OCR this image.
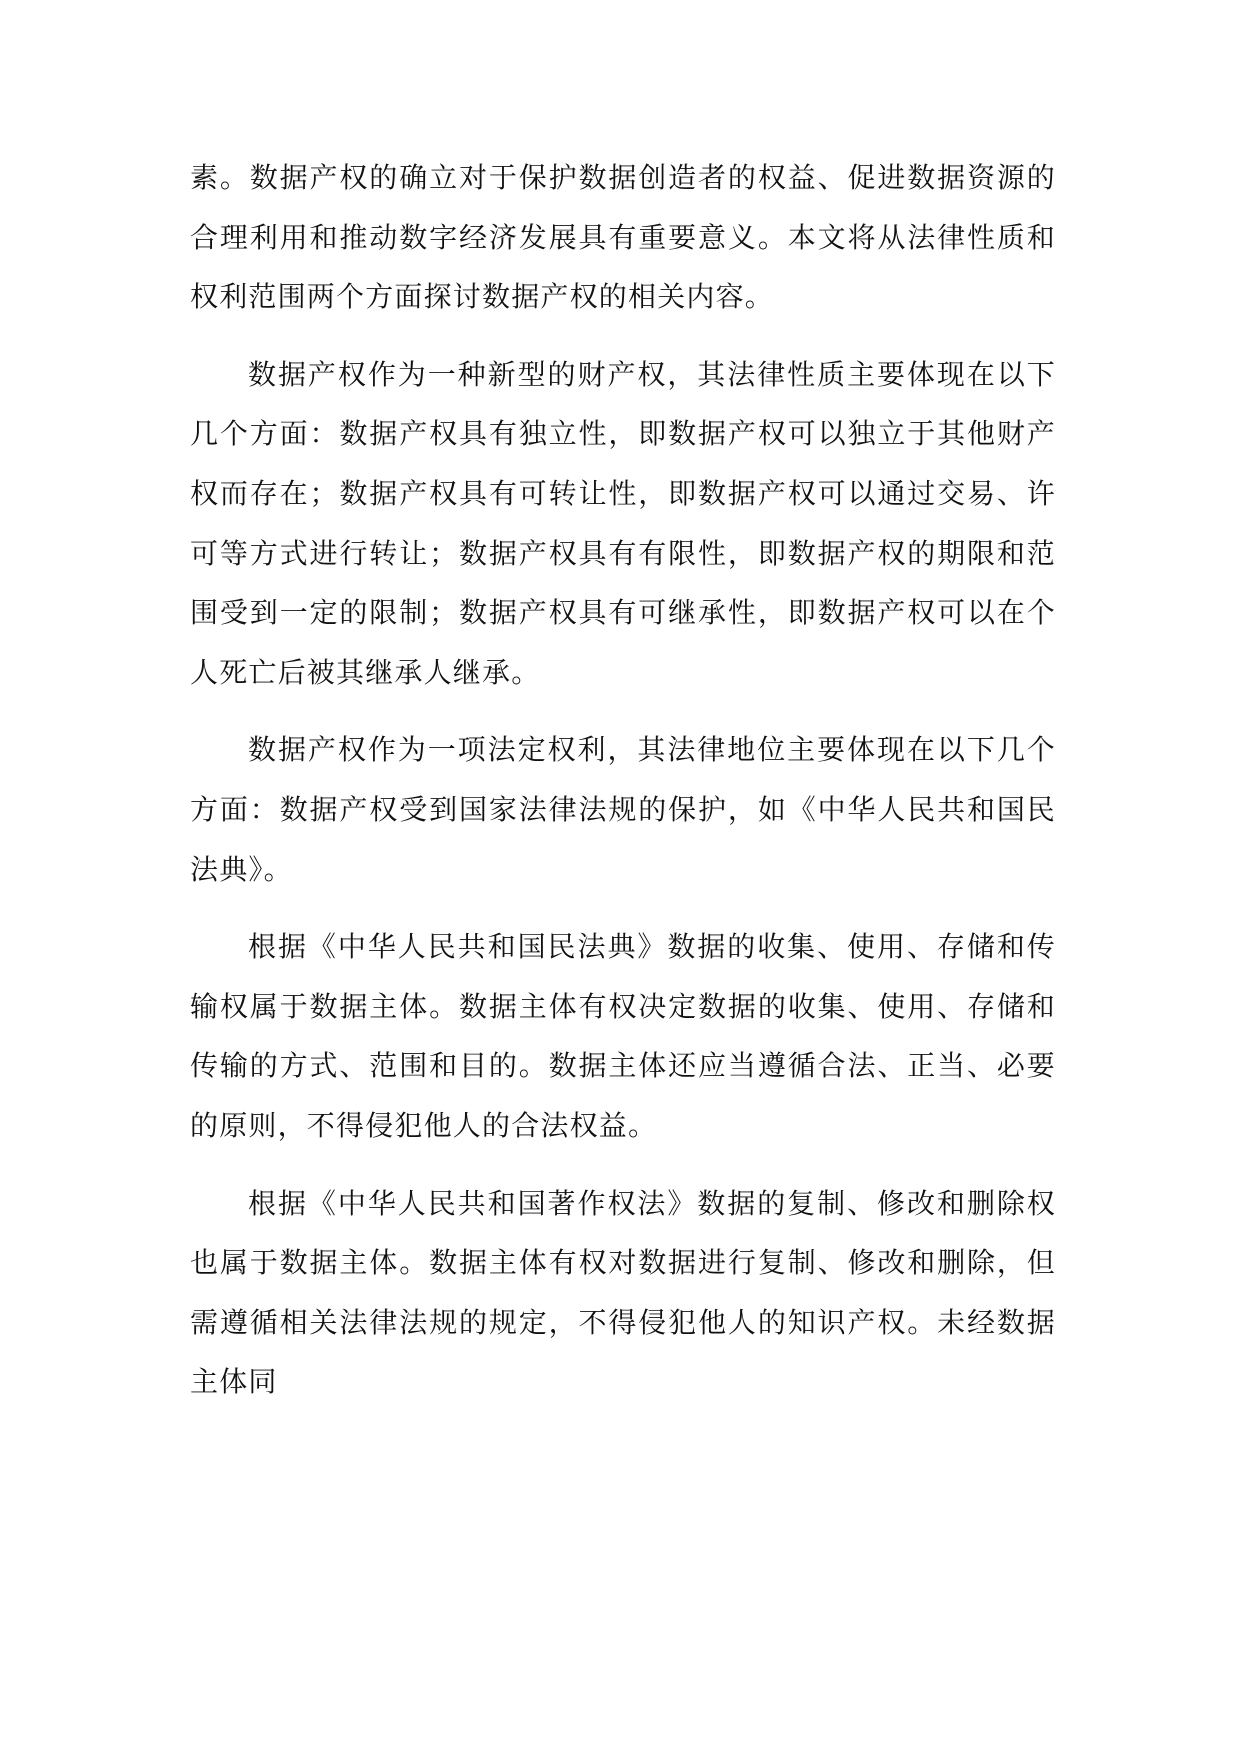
素。数据产权的确立对于保护数据创造者的权益、促进数据资源的合理利用和推动数字经济发展具有重要意义。本文将从法律性质和权利范围两个方面探讨数据产权的相关内容。

数据产权作为一种新型的财产权，其法律性质主要体现在以下几个方面：数据产权具有独立性，即数据产权可以独立于其他财产权而存在；数据产权具有可转让性，即数据产权可以通过交易、许可等方式进行转让；数据产权具有有限性，即数据产权的期限和范围受到一定的限制；数据产权具有可继承性，即数据产权可以在个人死亡后被其继承人继承。

数据产权作为一项法定权利，其法律地位主要体现在以下几个方面：数据产权受到国家法律法规的保护，如《中华人民共和国民法典》。

根据《中华人民共和国民法典》数据的收集、使用、存储和传输权属于数据主体。数据主体有权决定数据的收集、使用、存储和传输的方式、范围和目的。数据主体还应当遵循合法、正当、必要的原则，不得侵犯他人的合法权益。

根据《中华人民共和国著作权法》数据的复制、修改和删除权也属于数据主体。数据主体有权对数据进行复制、修改和删除，但需遵循相关法律法规的规定，不得侵犯他人的知识产权。未经数据主体同
